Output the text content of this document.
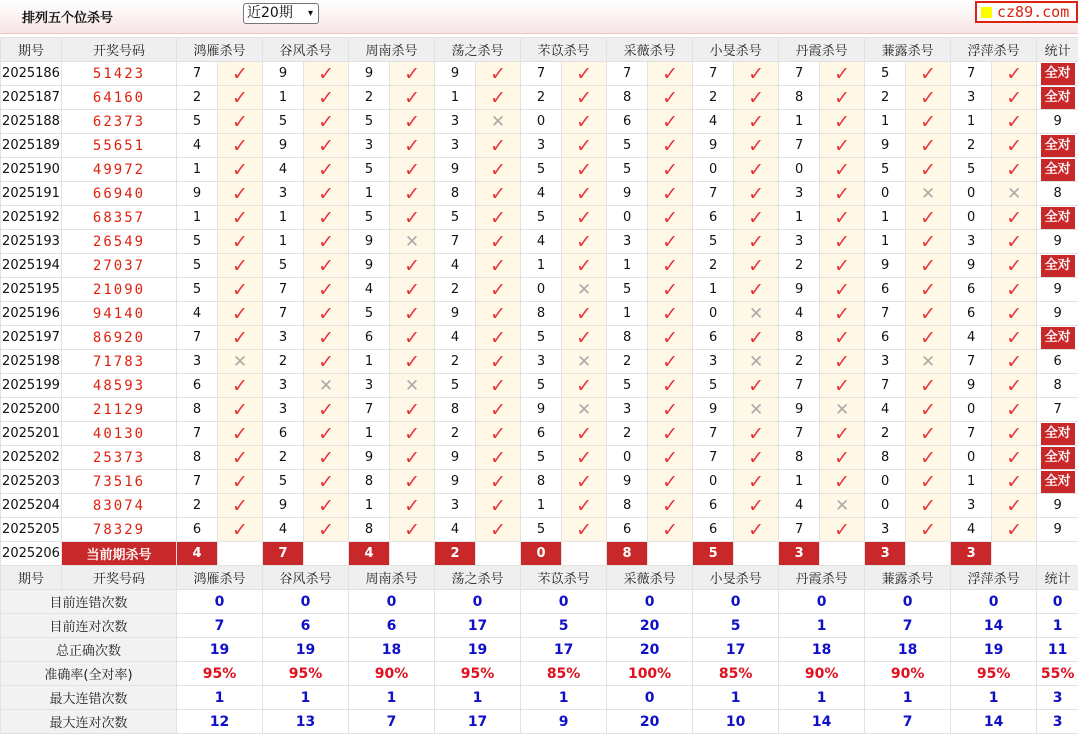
排列五个位杀号	近20期 ▾	cz89.com
期号	开奖号码	鸿雁杀号		谷风杀号		周南杀号		荡之杀号		芣苡杀号		采薇杀号		小旻杀号		丹霞杀号		蒹露杀号		浮萍杀号		统计
2025186	51423	7	✓	9	✓	9	✓	9	✓	7	✓	7	✓	7	✓	7	✓	5	✓	7	✓	全对
2025187	64160	2	✓	1	✓	2	✓	1	✓	2	✓	8	✓	2	✓	8	✓	2	✓	3	✓	全对
2025188	62373	5	✓	5	✓	5	✓	3	✕	0	✓	6	✓	4	✓	1	✓	1	✓	1	✓	9
2025189	55651	4	✓	9	✓	3	✓	3	✓	3	✓	5	✓	9	✓	7	✓	9	✓	2	✓	全对
2025190	49972	1	✓	4	✓	5	✓	9	✓	5	✓	5	✓	0	✓	0	✓	5	✓	5	✓	全对
2025191	66940	9	✓	3	✓	1	✓	8	✓	4	✓	9	✓	7	✓	3	✓	0	✕	0	✕	8
2025192	68357	1	✓	1	✓	5	✓	5	✓	5	✓	0	✓	6	✓	1	✓	1	✓	0	✓	全对
2025193	26549	5	✓	1	✓	9	✕	7	✓	4	✓	3	✓	5	✓	3	✓	1	✓	3	✓	9
2025194	27037	5	✓	5	✓	9	✓	4	✓	1	✓	1	✓	2	✓	2	✓	9	✓	9	✓	全对
2025195	21090	5	✓	7	✓	4	✓	2	✓	0	✕	5	✓	1	✓	9	✓	6	✓	6	✓	9
2025196	94140	4	✓	7	✓	5	✓	9	✓	8	✓	1	✓	0	✕	4	✓	7	✓	6	✓	9
2025197	86920	7	✓	3	✓	6	✓	4	✓	5	✓	8	✓	6	✓	8	✓	6	✓	4	✓	全对
2025198	71783	3	✕	2	✓	1	✓	2	✓	3	✕	2	✓	3	✕	2	✓	3	✕	7	✓	6
2025199	48593	6	✓	3	✕	3	✕	5	✓	5	✓	5	✓	5	✓	7	✓	7	✓	9	✓	8
2025200	21129	8	✓	3	✓	7	✓	8	✓	9	✕	3	✓	9	✕	9	✕	4	✓	0	✓	7
2025201	40130	7	✓	6	✓	1	✓	2	✓	6	✓	2	✓	7	✓	7	✓	2	✓	7	✓	全对
2025202	25373	8	✓	2	✓	9	✓	9	✓	5	✓	0	✓	7	✓	8	✓	8	✓	0	✓	全对
2025203	73516	7	✓	5	✓	8	✓	9	✓	8	✓	9	✓	0	✓	1	✓	0	✓	1	✓	全对
2025204	83074	2	✓	9	✓	1	✓	3	✓	1	✓	8	✓	6	✓	4	✕	0	✓	3	✓	9
2025205	78329	6	✓	4	✓	8	✓	4	✓	5	✓	6	✓	6	✓	7	✓	3	✓	4	✓	9
2025206	当前期杀号	4		7		4		2		0		8		5		3		3		3		
期号	开奖号码	鸿雁杀号		谷风杀号		周南杀号		荡之杀号		芣苡杀号		采薇杀号		小旻杀号		丹霞杀号		蒹露杀号		浮萍杀号		统计
目前连错次数		0		0		0		0		0		0		0		0		0		0		0
目前连对次数		7		6		6		17		5		20		5		1		7		14		1
总正确次数		19		19		18		19		17		20		17		18		18		19		11
准确率(全对率)		95%		95%		90%		95%		85%		100%		85%		90%		90%		95%		55%
最大连错次数		1		1		1		1		1		0		1		1		1		1		3
最大连对次数		12		13		7		17		9		20		10		14		7		14		3
